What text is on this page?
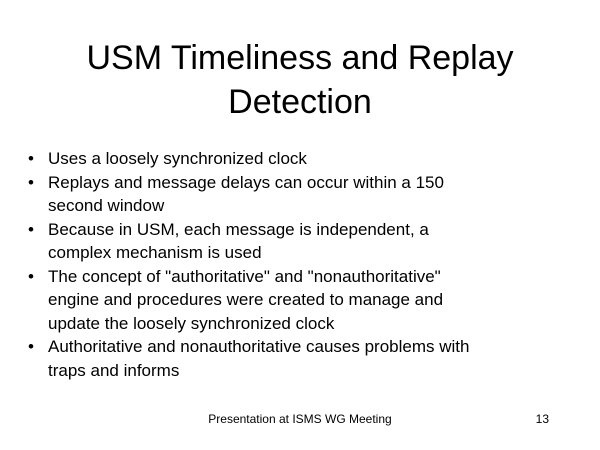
USM Timeliness and Replay
Detection
• Uses a loosely synchronized clock
• Replays and message delays can occur within a 150
second window
• Because in USM, each message is independent, a
complex mechanism is used
• The concept of "authoritative" and "nonauthoritative"
engine and procedures were created to manage and
update the loosely synchronized clock
• Authoritative and nonauthoritative causes problems with
traps and informs
Presentation at ISMS WG Meeting	13
